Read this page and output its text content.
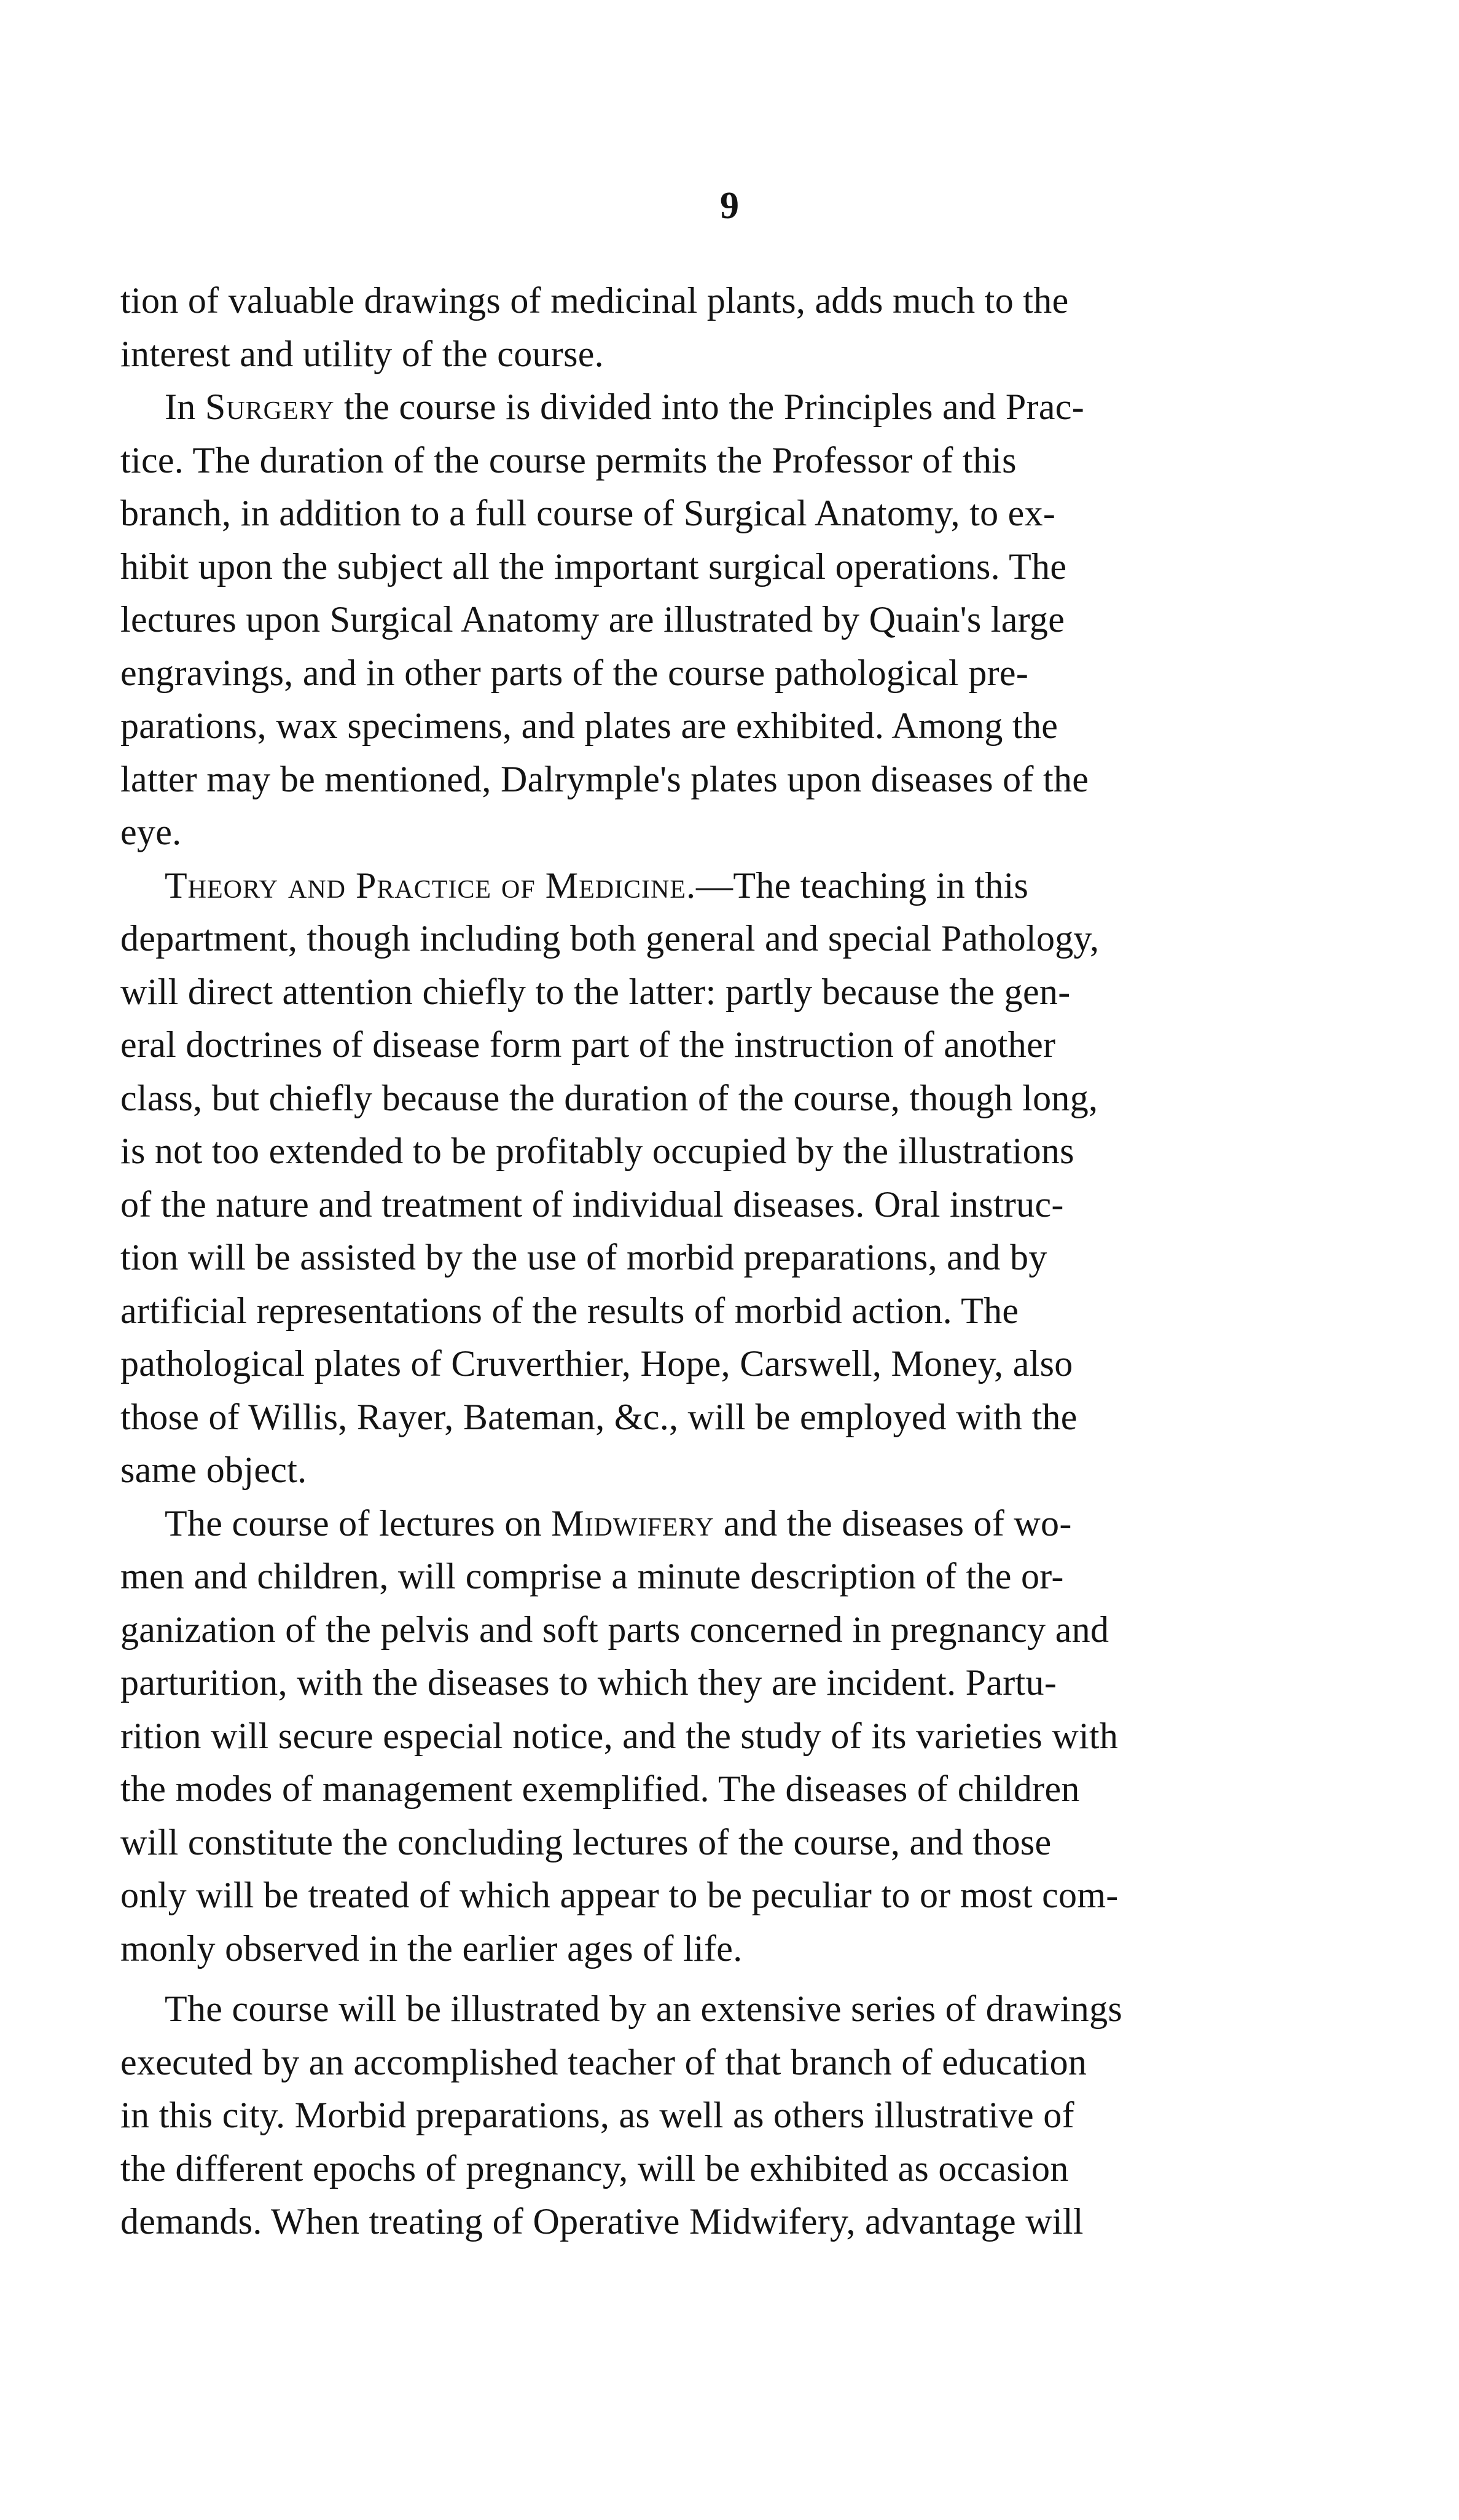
9
tion of valuable drawings of medicinal plants, adds much to the
interest and utility of the course.
In Surgery the course is divided into the Principles and Prac-
tice. The duration of the course permits the Professor of this
branch, in addition to a full course of Surgical Anatomy, to ex-
hibit upon the subject all the important surgical operations. The
lectures upon Surgical Anatomy are illustrated by Quain's large
engravings, and in other parts of the course pathological pre-
parations, wax specimens, and plates are exhibited. Among the
latter may be mentioned, Dalrymple's plates upon diseases of the
eye.
Theory and Practice of Medicine.—The teaching in this
department, though including both general and special Pathology,
will direct attention chiefly to the latter: partly because the gen-
eral doctrines of disease form part of the instruction of another
class, but chiefly because the duration of the course, though long,
is not too extended to be profitably occupied by the illustrations
of the nature and treatment of individual diseases. Oral instruc-
tion will be assisted by the use of morbid preparations, and by
artificial representations of the results of morbid action. The
pathological plates of Cruverthier, Hope, Carswell, Money, also
those of Willis, Rayer, Bateman, &c., will be employed with the
same object.
The course of lectures on Midwifery and the diseases of wo-
men and children, will comprise a minute description of the or-
ganization of the pelvis and soft parts concerned in pregnancy and
parturition, with the diseases to which they are incident. Partu-
rition will secure especial notice, and the study of its varieties with
the modes of management exemplified. The diseases of children
will constitute the concluding lectures of the course, and those
only will be treated of which appear to be peculiar to or most com-
monly observed in the earlier ages of life.
The course will be illustrated by an extensive series of drawings
executed by an accomplished teacher of that branch of education
in this city. Morbid preparations, as well as others illustrative of
the different epochs of pregnancy, will be exhibited as occasion
demands. When treating of Operative Midwifery, advantage will
